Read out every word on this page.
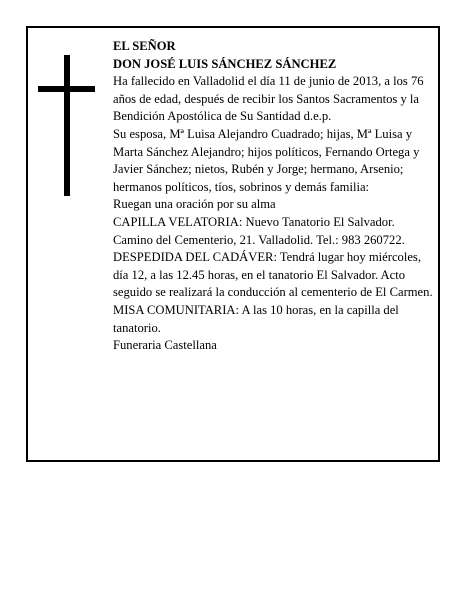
EL SEÑOR

DON JOSÉ LUIS SÁNCHEZ SÁNCHEZ

Ha fallecido en Valladolid el día 11 de junio de 2013, a los 76 años de edad, después de recibir los Santos Sacramentos y la Bendición Apostólica de Su Santidad d.e.p.

Su esposa, Mª Luisa Alejandro Cuadrado; hijas, Mª Luisa y Marta Sánchez Alejandro; hijos políticos, Fernando Ortega y Javier Sánchez; nietos, Rubén y Jorge; hermano, Arsenio; hermanos políticos, tíos, sobrinos y demás familia:

Ruegan una oración por su alma

CAPILLA VELATORIA: Nuevo Tanatorio El Salvador. Camino del Cementerio, 21. Valladolid. Tel.: 983 260722.

DESPEDIDA DEL CADÁVER: Tendrá lugar hoy miércoles, día 12, a las 12.45 horas, en el tanatorio El Salvador. Acto seguido se realizará la conducción al cementerio de El Carmen.

MISA COMUNITARIA: A las 10 horas, en la capilla del tanatorio.

Funeraria Castellana
